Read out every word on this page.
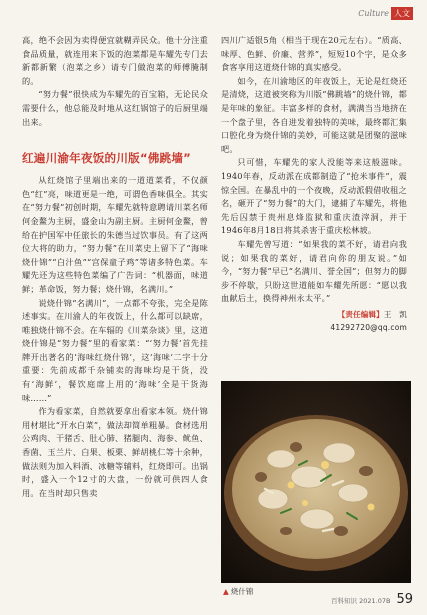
Culture 人文

高，绝不会因为卖得便宜就糊弄民众。他十分注重食品质量，就连用来下饭的泡菜都是车耀先专门去新都新繁（泡菜之乡）请专门做泡菜的师傅腌制的。

“努力餐”很快成为车耀先的百宝箱，无论民众需要什么，他总能及时地从这红锅馆子的后厨里端出来。

红遍川渝年夜饭的川版“佛跳墙”

从红烧馆子里端出来的一道道菜肴，不仅颜色“红”亮，味道更是一绝，可谓色香味俱全。其实在“努力餐”初创时期，车耀先就特意聘请川菜名师何金鳌为主厨，盛金山为副主厨。主厨何金鳌，曾给在护国军中任旅长的朱德当过饮事员。有了这两位大将的助力，“努力餐”在川菜史上留下了“海味烧什锦”“白汁鱼”“宫保童子鸡”等诸多特色菜。车耀先还为这些特色菜编了广告词：“机器面，味道鲜；革命饭，努力餐；烧什锦，名满川。”

说烧什锦“名满川”，一点都不夸张，完全是陈述事实。在川渝人的年夜饭上，什么都可以缺席，唯独烧什锦不会。在车辐的《川菜杂谈》里，这道烧什锦是“努力餐”里的看家菜：“‘努力餐’首先挂牌开出著名的‘海味红烧什锦’，这‘海味’二字十分重要：先前成都千杂铺卖的海味均是干货，没有‘海鲜’，餐饮庭席上用的‘海味’全是干货海味……”

作为看家菜，自然就要拿出看家本领。烧什锦用材堪比“开水白菜”，做法却简单粗暴。食材选用公鸡肉、干猪舌、肚心肺、猪腿肉、海参、鱿鱼、香菌、玉兰片、白果、板栗、鲜胡桃仁等十余种，做法则为加入料酒、冰糖等辅料，红烧即可。出锅时，盛入一个12寸的大盘，一份就可供四人食用。在当时却只售卖

四川广适银5角（相当于现在20元左右）。“质高、味厚、色鲜、价廉、营养”，短短10个字，是众多食客享用这道烧什锦的真实感受。

如今，在川渝地区的年夜饭上，无论是红烧还是清烧，这道被突称为川版“佛跳墙”的烧什锦，都是年味的象征。丰富多样的食材，满满当当地挤在一个盘子里，各自进发着独特的美味，最终都汇集口腔化身为烧什锦的美妙，可能这就是团聚的滋味吧。

只可惜，车耀先的家人没能等来这般滋味。1940年春，反动派在成都制造了“抢米事件”，震惊全国。在暴乱中的一个夜晚，反动派假借收租之名，砸开了“努力餐”的大门，逮捕了车耀先，将他先后囚禁于贵州息烽监狱和重庆渣滓洞，并于1946年8月18日将其杀害于重庆松林坡。

车耀先曾写道：“如果我的菜不好，请君向我说；如果我的菜好，请君向你的朋友说。”如今，“努力餐”早已“名满川、誉全国”；但努力的脚步不停歇，只盼这世道能如车耀先所愿：“愿以我血献后土，换得神州永太平。”

【责任编辑】王　凯
41292720@qq.com
▲ 烧什锦
百科知识 2021.07B 59
